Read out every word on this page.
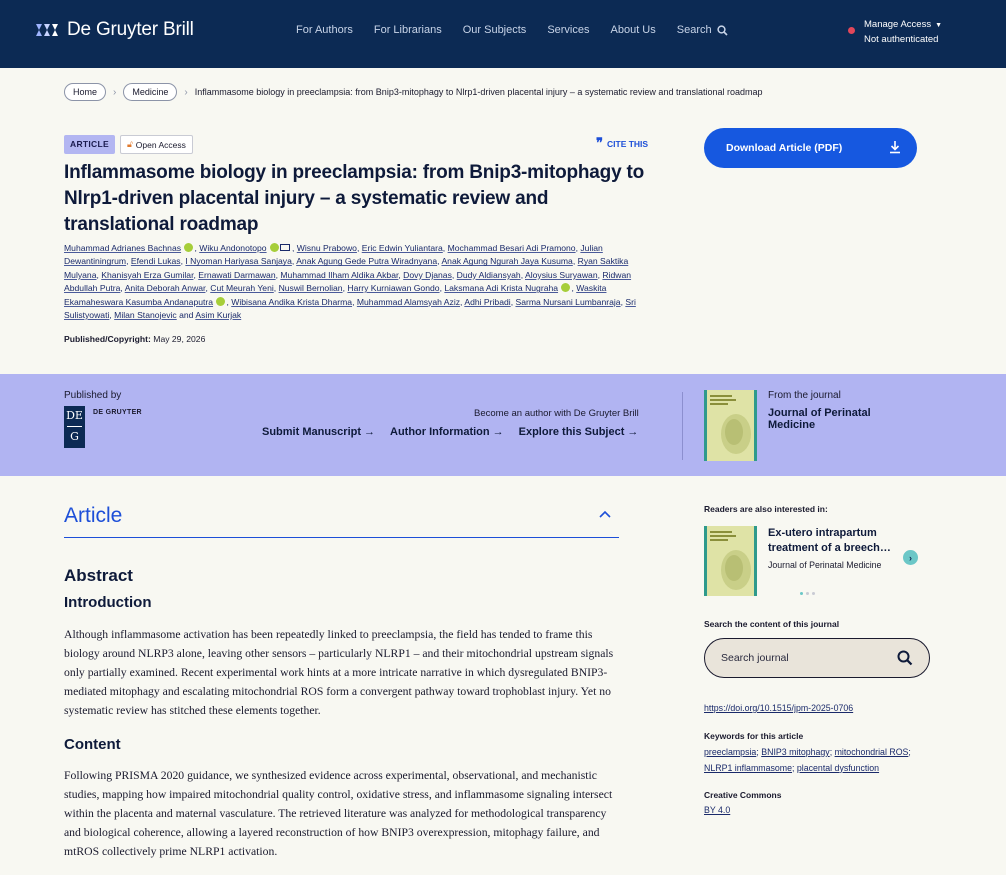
De Gruyter Brill	For Authors For Librarians Our Subjects Services About Us Search	Manage Access ▼
Not authenticated
Home	›	Medicine	› Inflammasome biology in preeclampsia: from Bnip3-mitophagy to Nlrp1-driven placental injury – a systematic review and translational roadmap
ARTICLE	🔓︎ Open Access	❞ CITE THIS	Download Article (PDF)
Inflammasome biology in preeclampsia: from Bnip3-mitophagy to Nlrp1-driven placental injury – a systematic review and translational roadmap
Muhammad Adrianes Bachnas , Wiku Andonotopo	, Wisnu Prabowo, Eric Edwin Yuliantara, Mochammad Besari Adi Pramono, Julian Dewantiningrum, Efendi Lukas, I Nyoman Hariyasa Sanjaya, Anak Agung Gede Putra Wiradnyana, Anak Agung Ngurah Jaya Kusuma, Ryan Saktika Mulyana, Khanisyah Erza Gumilar, Ernawati Darmawan, Muhammad Ilham Aldika Akbar, Dovy Djanas, Dudy Aldiansyah, Aloysius Suryawan, Ridwan Abdullah Putra, Anita Deborah Anwar, Cut Meurah Yeni, Nuswil Bernolian, Harry Kurniawan Gondo, Laksmana Adi Krista Nugraha , Waskita Ekamaheswara Kasumba Andanaputra , Wibisana Andika Krista Dharma, Muhammad Alamsyah Aziz, Adhi Pribadi, Sarma Nursani Lumbanraja, Sri Sulistyowati, Milan Stanojevic and Asim Kurjak
Published/Copyright: May 29, 2026
Published by
DE
G
DE GRUYTER	Become an author with De Gruyter Brill
Submit Manuscript → Author Information → Explore this Subject →
From the journal
Journal of Perinatal Medicine
Article
Abstract
Introduction

Although inflammasome activation has been repeatedly linked to preeclampsia, the field has tended to frame this biology around NLRP3 alone, leaving other sensors – particularly NLRP1 – and their mitochondrial upstream signals only partially examined. Recent experimental work hints at a more intricate narrative in which dysregulated BNIP3-mediated mitophagy and escalating mitochondrial ROS form a convergent pathway toward trophoblast injury. Yet no systematic review has stitched these elements together.

Content

Following PRISMA 2020 guidance, we synthesized evidence across experimental, observational, and mechanistic studies, mapping how impaired mitochondrial quality control, oxidative stress, and inflammasome signaling intersect within the placenta and maternal vasculature. The retrieved literature was analyzed for methodological transparency and biological coherence, allowing a layered reconstruction of how BNIP3 overexpression, mitophagy failure, and mtROS collectively prime NLRP1 activation.

Readers are also interested in:
Ex-utero intrapartum treatment of a breech…
Journal of Perinatal Medicine
›
Search the content of this journal
Search journal
https://doi.org/10.1515/jpm-2025-0706
Keywords for this article
preeclampsia; BNIP3 mitophagy; mitochondrial ROS; NLRP1 inflammasome; placental dysfunction
Creative Commons
BY 4.0
